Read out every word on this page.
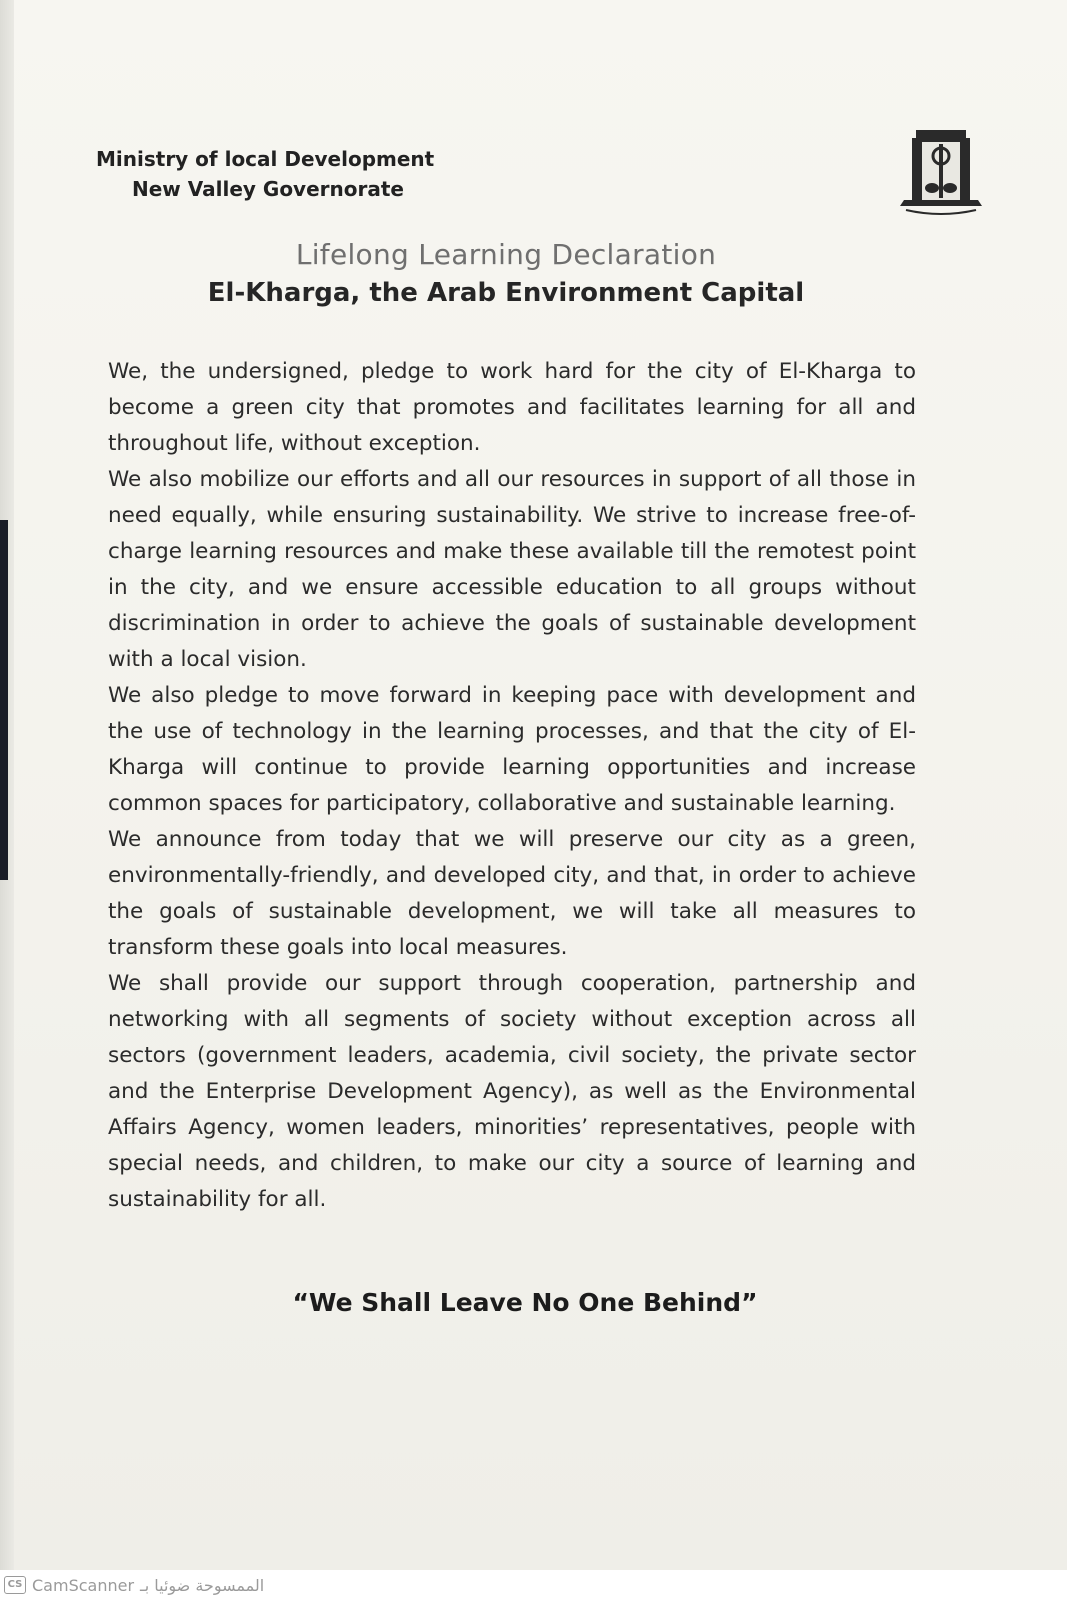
Ministry of local Development
New Valley Governorate
Lifelong Learning Declaration
El-Kharga, the Arab Environment Capital

We, the undersigned, pledge to work hard for the city of El-Kharga to become a green city that promotes and facilitates learning for all and throughout life, without exception.

We also mobilize our efforts and all our resources in support of all those in need equally, while ensuring sustainability. We strive to increase free-of-charge learning resources and make these available till the remotest point in the city, and we ensure accessible education to all groups without discrimination in order to achieve the goals of sustainable development with a local vision.

We also pledge to move forward in keeping pace with development and the use of technology in the learning processes, and that the city of El-Kharga will continue to provide learning opportunities and increase common spaces for participatory, collaborative and sustainable learning.

We announce from today that we will preserve our city as a green, environmentally-friendly, and developed city, and that, in order to achieve the goals of sustainable development, we will take all measures to transform these goals into local measures.

We shall provide our support through cooperation, partnership and networking with all segments of society without exception across all sectors (government leaders, academia, civil society, the private sector and the Enterprise Development Agency), as well as the Environmental Affairs Agency, women leaders, minorities’ representatives, people with special needs, and children, to make our city a source of learning and sustainability for all.

“We Shall Leave No One Behind”
CS CamScanner الممسوحة ضوئيا بـ
